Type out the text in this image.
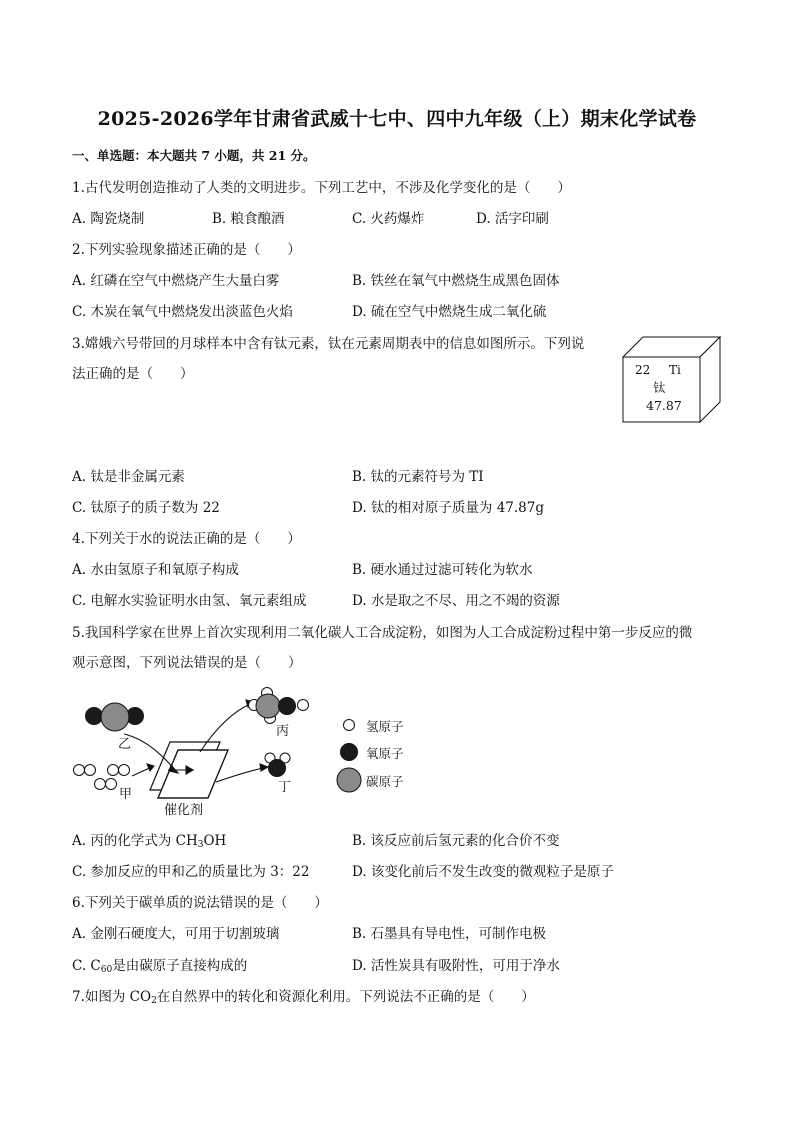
2025-2026学年甘肃省武威十七中、四中九年级（上）期末化学试卷
一、单选题：本大题共 7 小题，共 21 分。
1.古代发明创造推动了人类的文明进步。下列工艺中，不涉及化学变化的是（　　）
A. 陶瓷烧制	B. 粮食酿酒	C. 火药爆炸	D. 活字印刷
2.下列实验现象描述正确的是（　　）
A. 红磷在空气中燃烧产生大量白雾	B. 铁丝在氧气中燃烧生成黑色固体
C. 木炭在氧气中燃烧发出淡蓝色火焰	D. 硫在空气中燃烧生成二氧化硫
3.嫦娥六号带回的月球样本中含有钛元素，钛在元素周期表中的信息如图所示。下列说
法正确的是（　　）	22 Ti
钛
47.87
A. 钛是非金属元素	B. 钛的元素符号为 TI
C. 钛原子的质子数为 22	D. 钛的相对原子质量为 47.87g
4.下列关于水的说法正确的是（　　）
A. 水由氢原子和氧原子构成	B. 硬水通过过滤可转化为软水
C. 电解水实验证明水由氢、氧元素组成	D. 水是取之不尽、用之不竭的资源
5.我国科学家在世界上首次实现利用二氧化碳人工合成淀粉，如图为人工合成淀粉过程中第一步反应的微
观示意图，下列说法错误的是（　　）
乙
甲
丙
丁
催化剂
氢原子
氧原子
碳原子
A. 丙的化学式为 $CH_3OH$	B. 该反应前后氢元素的化合价不变
C. 参加反应的甲和乙的质量比为 3：22	D. 该变化前后不发生改变的微观粒子是原子
6.下列关于碳单质的说法错误的是（　　）
A. 金刚石硬度大，可用于切割玻璃	B. 石墨具有导电性，可制作电极
C. $C_{60}$是由碳原子直接构成的	D. 活性炭具有吸附性，可用于净水
7.如图为 $CO_2$在自然界中的转化和资源化利用。下列说法不正确的是（　　）
